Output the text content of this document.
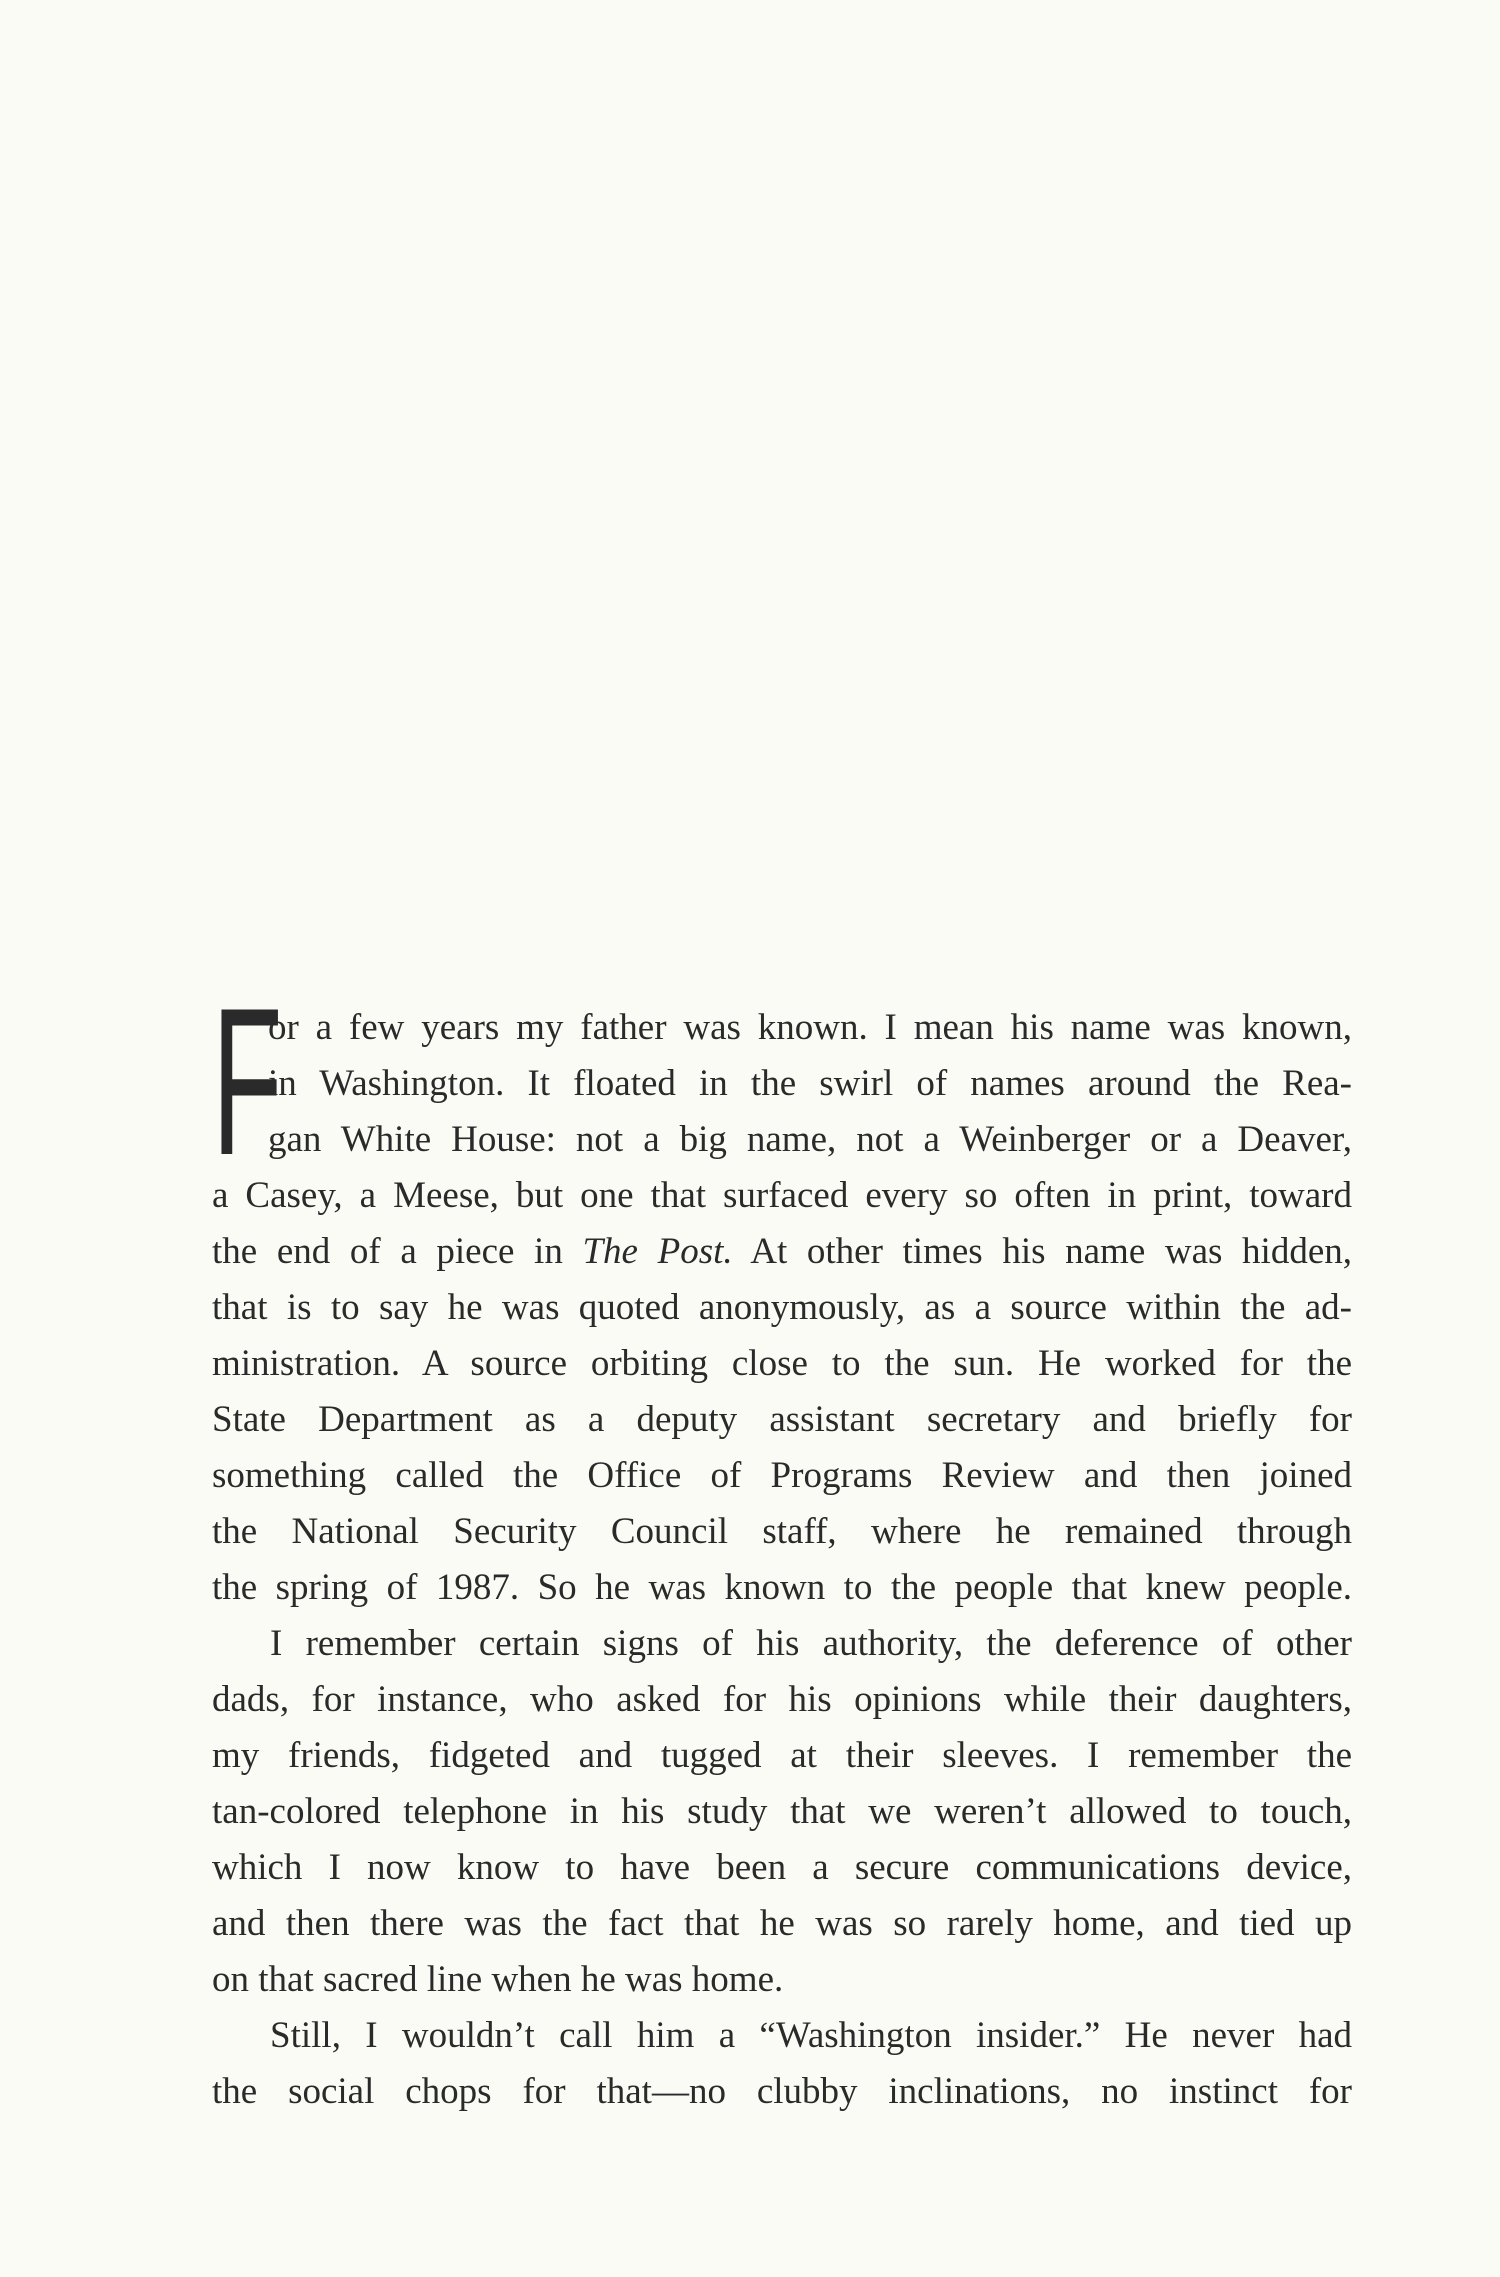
F
or a few years my father was known. I mean his name was known,
in Washington. It floated in the swirl of names around the Rea-
gan White House: not a big name, not a Weinberger or a Deaver,
a Casey, a Meese, but one that surfaced every so often in print, toward
the end of a piece in The Post. At other times his name was hidden,
that is to say he was quoted anonymously, as a source within the ad-
ministration. A source orbiting close to the sun. He worked for the
State Department as a deputy assistant secretary and briefly for
something called the Office of Programs Review and then joined
the National Security Council staff, where he remained through
the spring of 1987. So he was known to the people that knew people.
I remember certain signs of his authority, the deference of other
dads, for instance, who asked for his opinions while their daughters,
my friends, fidgeted and tugged at their sleeves. I remember the
tan-colored telephone in his study that we weren’t allowed to touch,
which I now know to have been a secure communications device,
and then there was the fact that he was so rarely home, and tied up
on that sacred line when he was home.
Still, I wouldn’t call him a “Washington insider.” He never had
the social chops for that—no clubby inclinations, no instinct for
